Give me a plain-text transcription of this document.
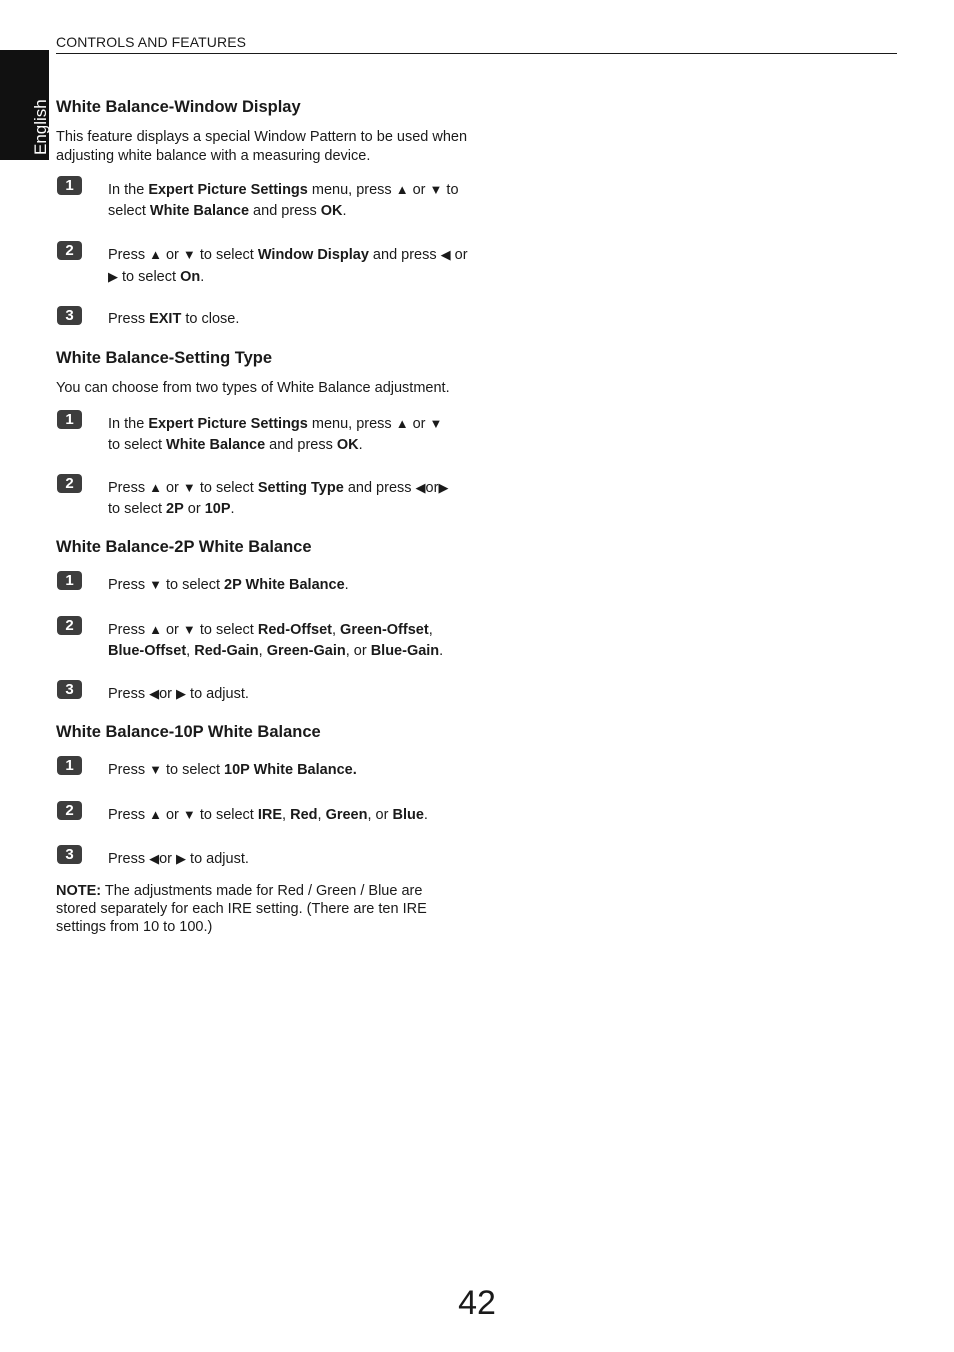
English
CONTROLS AND FEATURES
White Balance-Window Display
This feature displays a special Window Pattern to be used when adjusting white balance with a measuring device.
1	In the Expert Picture Settings menu, press ▲ or ▼ to select White Balance and press OK.
2	Press ▲ or ▼ to select Window Display and press ◀ or ▶ to select On.
3	Press EXIT to close.
White Balance-Setting Type
You can choose from two types of White Balance adjustment.
1	In the Expert Picture Settings menu, press ▲ or ▼ to select White Balance and press OK.
2	Press ▲ or ▼ to select Setting Type and press ◀or▶ to select 2P or 10P.
White Balance-2P White Balance
1	Press ▼ to select 2P White Balance.
2	Press ▲ or ▼ to select Red-Offset, Green-Offset, Blue-Offset, Red-Gain, Green-Gain, or Blue-Gain.
3	Press ◀or ▶ to adjust.
White Balance-10P White Balance
1	Press ▼ to select 10P White Balance.
2	Press ▲ or ▼ to select IRE, Red, Green, or Blue.
3	Press ◀or ▶ to adjust.
NOTE: The adjustments made for Red / Green / Blue are stored separately for each IRE setting. (There are ten IRE settings from 10 to 100.)
42
